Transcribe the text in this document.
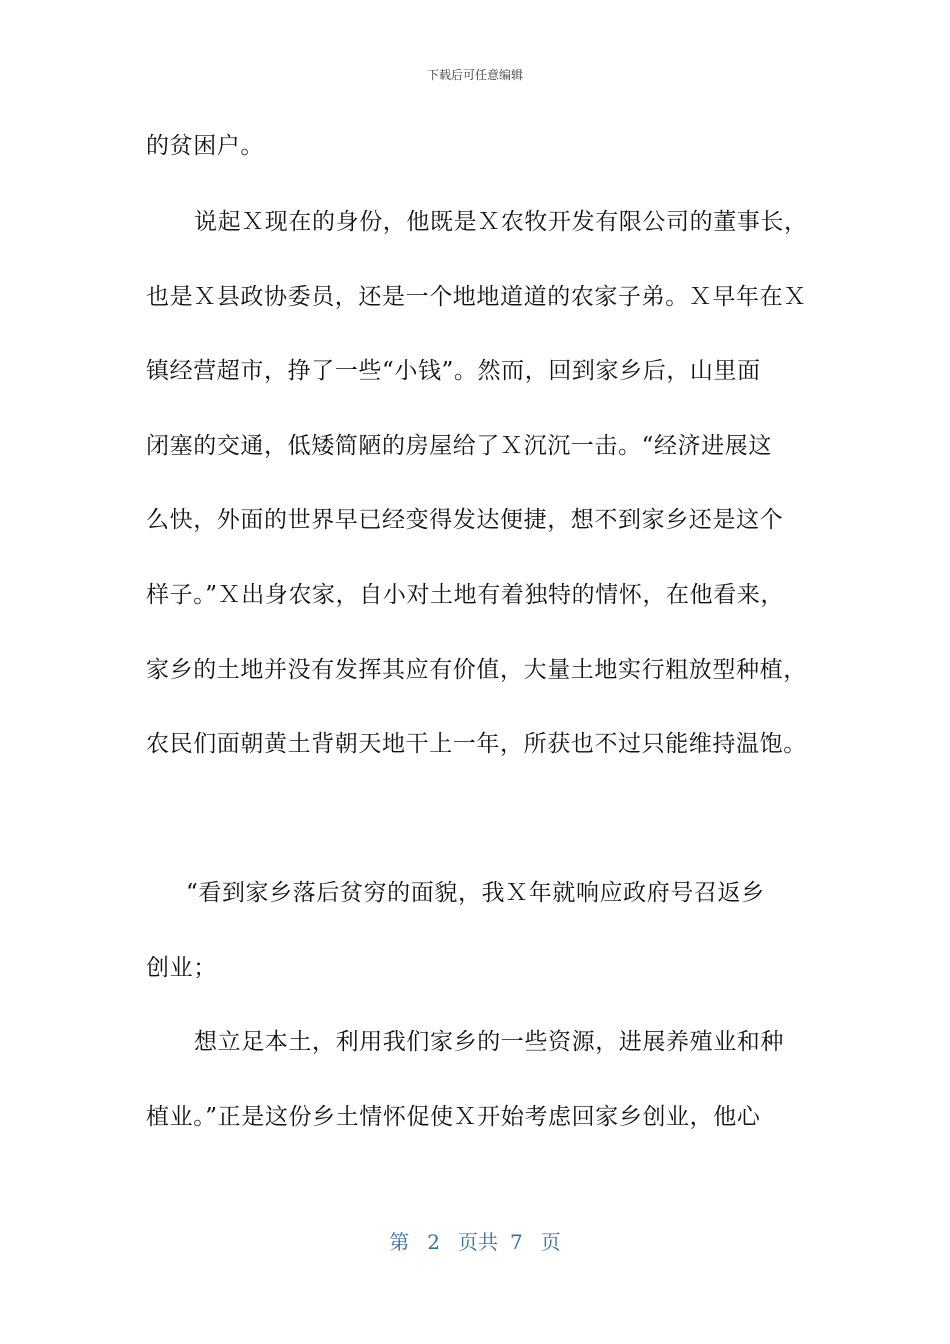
下载后可任意编辑
的贫困户。
说起Ｘ现在的身份，他既是Ｘ农牧开发有限公司的董事长，
也是Ｘ县政协委员，还是一个地地道道的农家子弟。Ｘ早年在Ｘ
镇经营超市，挣了一些“小钱”。然而，回到家乡后，山里面
闭塞的交通，低矮简陋的房屋给了Ｘ沉沉一击。“经济进展这
么快，外面的世界早已经变得发达便捷，想不到家乡还是这个
样子。”Ｘ出身农家，自小对土地有着独特的情怀，在他看来，
家乡的土地并没有发挥其应有价值，大量土地实行粗放型种植，
农民们面朝黄土背朝天地干上一年，所获也不过只能维持温饱。
“看到家乡落后贫穷的面貌，我Ｘ年就响应政府号召返乡
创业；
想立足本土，利用我们家乡的一些资源，进展养殖业和种
植业。”正是这份乡土情怀促使Ｘ开始考虑回家乡创业，他心
第 2 页共 7 页
